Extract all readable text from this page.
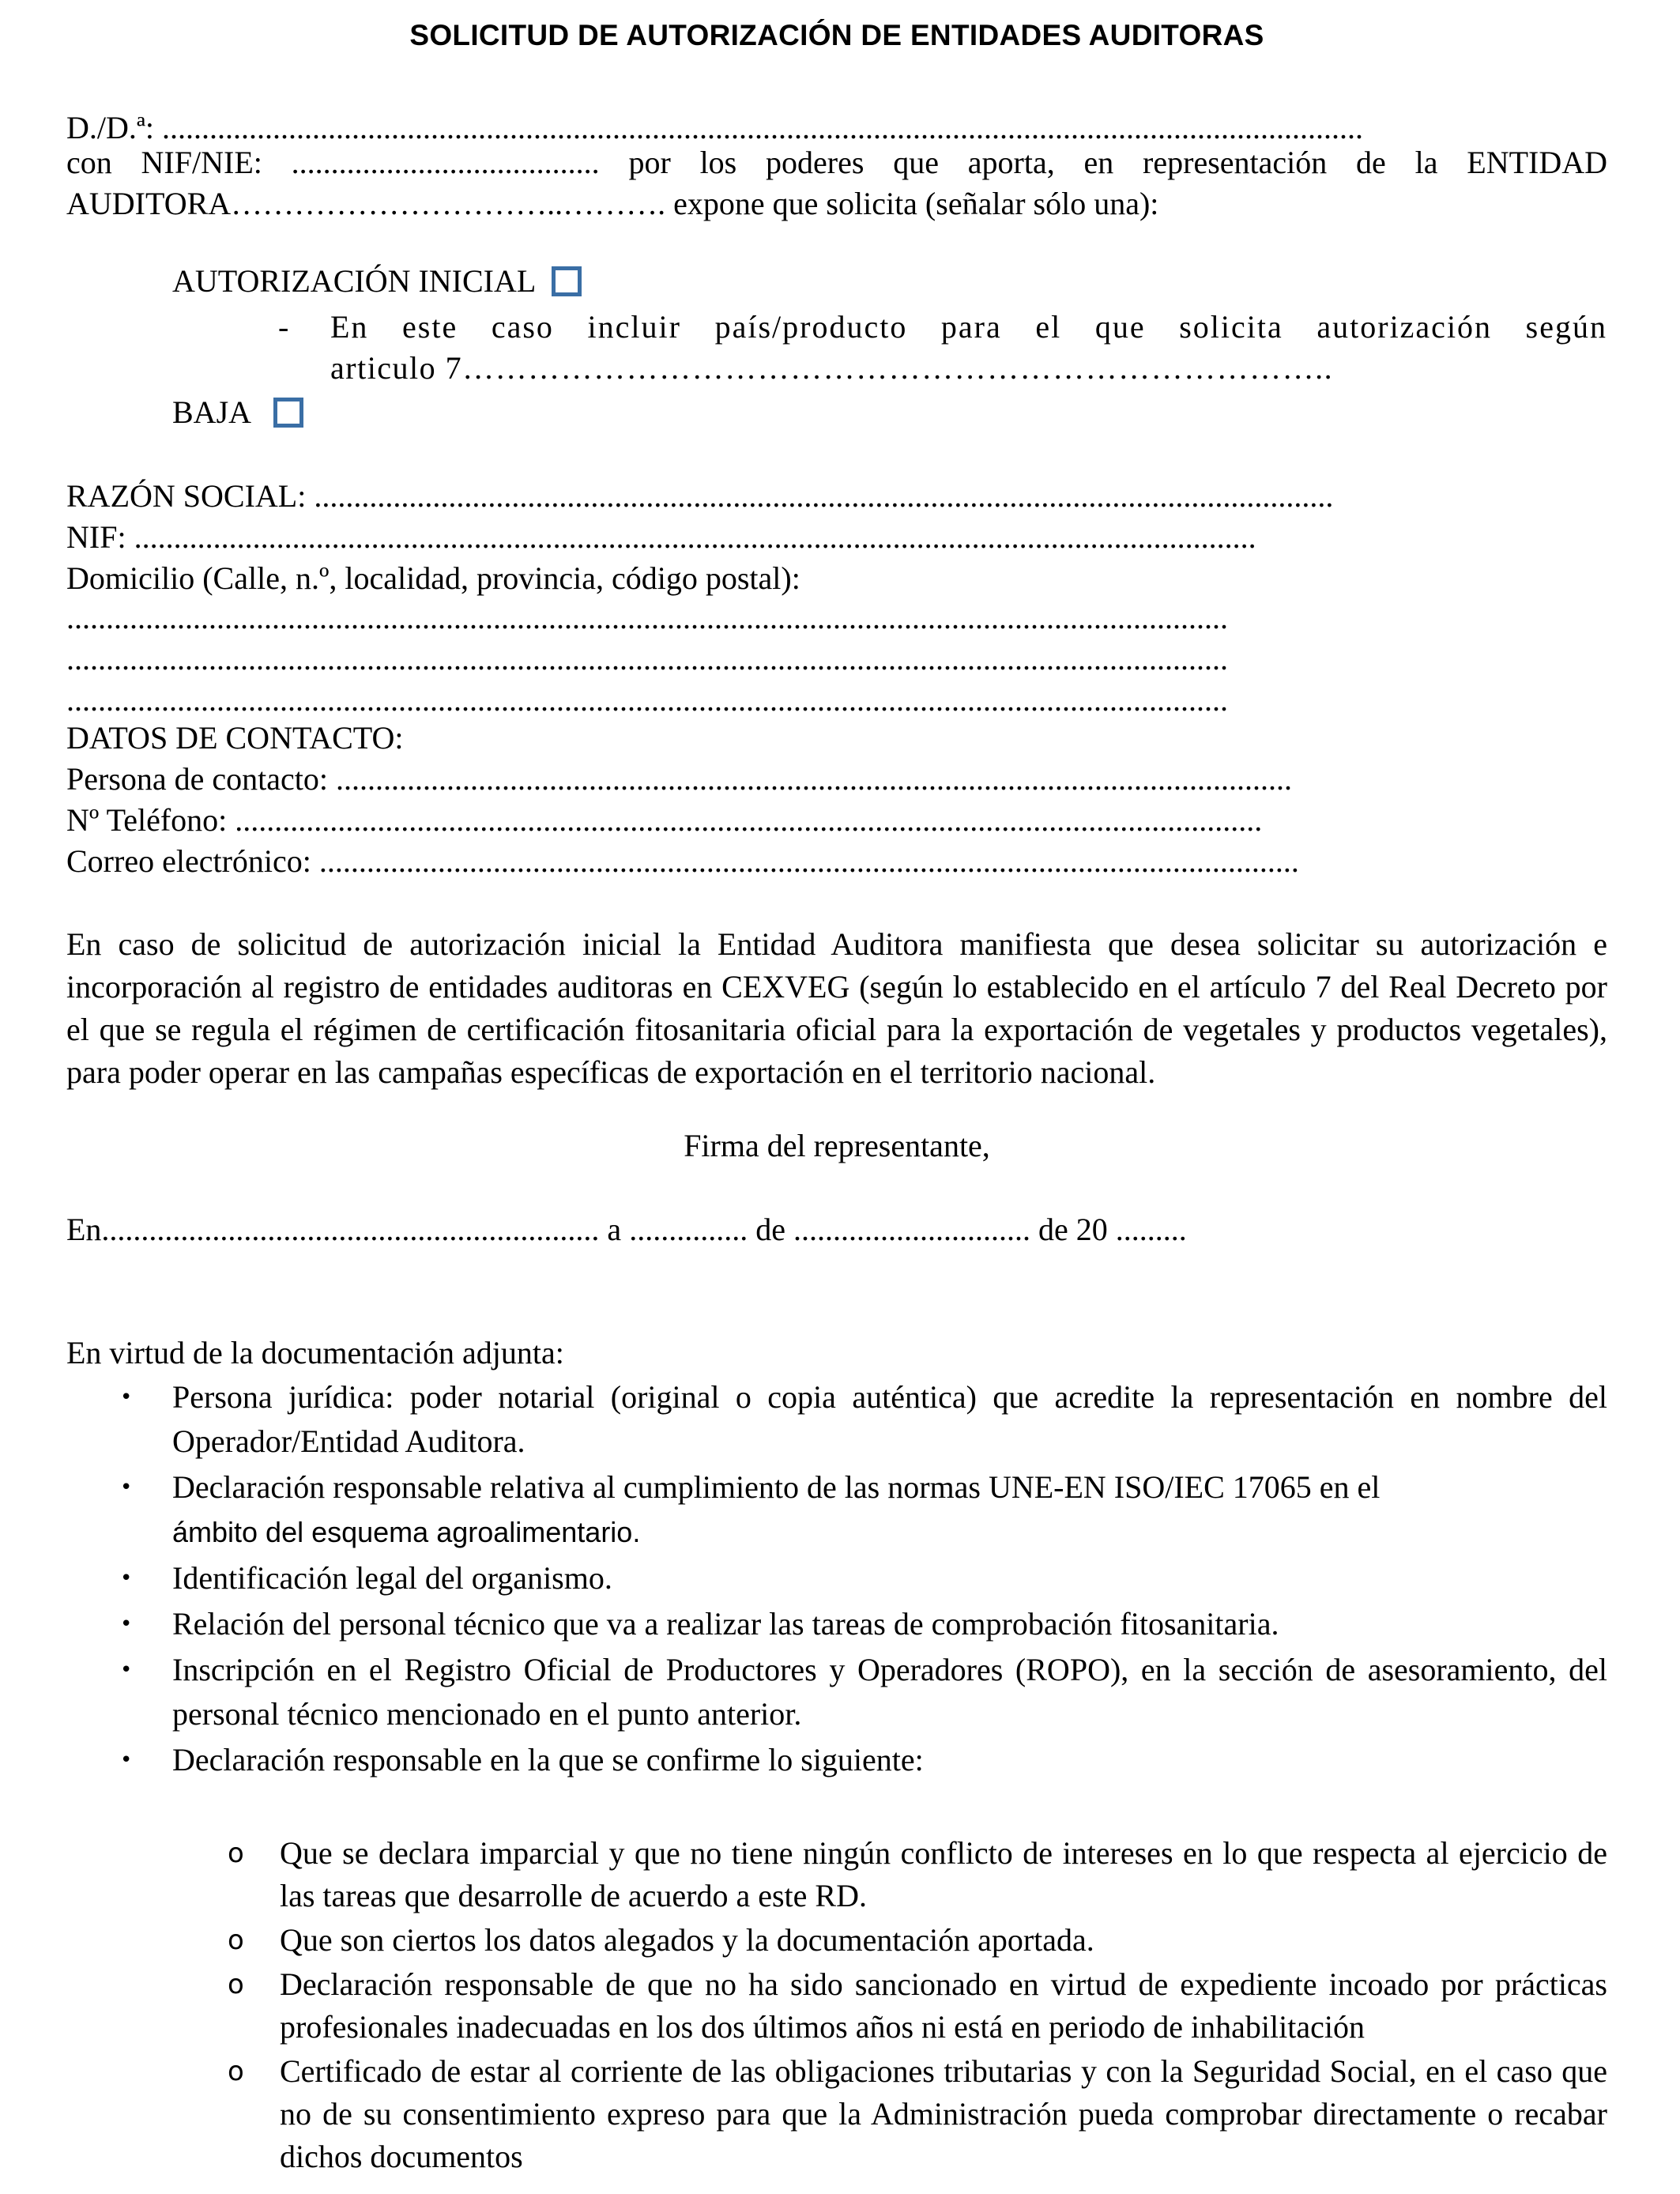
SOLICITUD DE AUTORIZACIÓN DE ENTIDADES AUDITORAS
D./D.ª: ........................................................................................................................................................
con NIF/NIE: ....................................... por los poderes que aporta, en representación de la ENTIDAD
AUDITORA…………………………..………. expone que solicita (señalar sólo una):
AUTORIZACIÓN INICIAL
- En este caso incluir país/producto para el que solicita autorización según
articulo 7……………………………………………………………………..
BAJA
RAZÓN SOCIAL: .................................................................................................................................
NIF: ..............................................................................................................................................
Domicilio (Calle, n.º, localidad, provincia, código postal):
...................................................................................................................................................
...................................................................................................................................................
...................................................................................................................................................
DATOS DE CONTACTO:
Persona de contacto: .........................................................................................................................
Nº Teléfono: ..................................................................................................................................
Correo electrónico: ............................................................................................................................
En caso de solicitud de autorización inicial la Entidad Auditora manifiesta que desea solicitar su autorización e incorporación al registro de entidades auditoras en CEXVEG (según lo establecido en el artículo 7 del Real Decreto por el que se regula el régimen de certificación fitosanitaria oficial para la exportación de vegetales y productos vegetales), para poder operar en las campañas específicas de exportación en el territorio nacional.
Firma del representante,
En............................................................... a ............... de .............................. de 20 .........
En virtud de la documentación adjunta:
• Persona jurídica: poder notarial (original o copia auténtica) que acredite la representación en nombre del Operador/Entidad Auditora.
• Declaración responsable relativa al cumplimiento de las normas UNE-EN ISO/IEC 17065 en el
ámbito del esquema agroalimentario.
• Identificación legal del organismo.
• Relación del personal técnico que va a realizar las tareas de comprobación fitosanitaria.
• Inscripción en el Registro Oficial de Productores y Operadores (ROPO), en la sección de asesoramiento, del personal técnico mencionado en el punto anterior.
• Declaración responsable en la que se confirme lo siguiente:
o Que se declara imparcial y que no tiene ningún conflicto de intereses en lo que respecta al ejercicio de las tareas que desarrolle de acuerdo a este RD.
o Que son ciertos los datos alegados y la documentación aportada.
o Declaración responsable de que no ha sido sancionado en virtud de expediente incoado por prácticas profesionales inadecuadas en los dos últimos años ni está en periodo de inhabilitación
o Certificado de estar al corriente de las obligaciones tributarias y con la Seguridad Social, en el caso que no de su consentimiento expreso para que la Administración pueda comprobar directamente o recabar dichos documentos
